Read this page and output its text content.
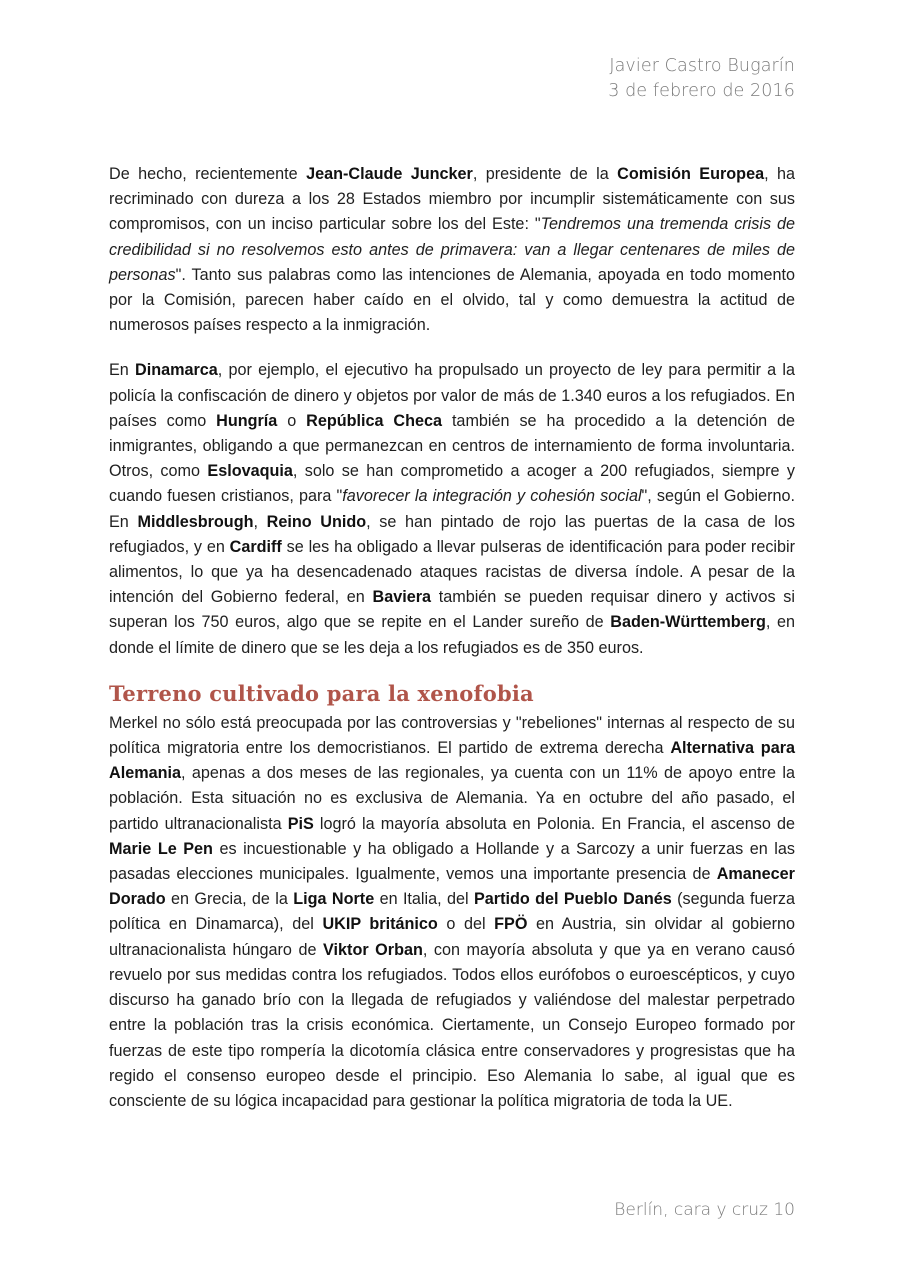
Javier Castro Bugarín
3 de febrero de 2016

De hecho, recientemente Jean-Claude Juncker, presidente de la Comisión Europea, ha recriminado con dureza a los 28 Estados miembro por incumplir sistemáticamente con sus compromisos, con un inciso particular sobre los del Este: "Tendremos una tremenda crisis de credibilidad si no resolvemos esto antes de primavera: van a llegar centenares de miles de personas". Tanto sus palabras como las intenciones de Alemania, apoyada en todo momento por la Comisión, parecen haber caído en el olvido, tal y como demuestra la actitud de numerosos países respecto a la inmigración.

En Dinamarca, por ejemplo, el ejecutivo ha propulsado un proyecto de ley para permitir a la policía la confiscación de dinero y objetos por valor de más de 1.340 euros a los refugiados. En países como Hungría o República Checa también se ha procedido a la detención de inmigrantes, obligando a que permanezcan en centros de internamiento de forma involuntaria. Otros, como Eslovaquia, solo se han comprometido a acoger a 200 refugiados, siempre y cuando fuesen cristianos, para "favorecer la integración y cohesión social", según el Gobierno. En Middlesbrough, Reino Unido, se han pintado de rojo las puertas de la casa de los refugiados, y en Cardiff se les ha obligado a llevar pulseras de identificación para poder recibir alimentos, lo que ya ha desencadenado ataques racistas de diversa índole. A pesar de la intención del Gobierno federal, en Baviera también se pueden requisar dinero y activos si superan los 750 euros, algo que se repite en el Lander sureño de Baden-Württemberg, en donde el límite de dinero que se les deja a los refugiados es de 350 euros.

Terreno cultivado para la xenofobia

Merkel no sólo está preocupada por las controversias y "rebeliones" internas al respecto de su política migratoria entre los democristianos. El partido de extrema derecha Alternativa para Alemania, apenas a dos meses de las regionales, ya cuenta con un 11% de apoyo entre la población. Esta situación no es exclusiva de Alemania. Ya en octubre del año pasado, el partido ultranacionalista PiS logró la mayoría absoluta en Polonia. En Francia, el ascenso de Marie Le Pen es incuestionable y ha obligado a Hollande y a Sarcozy a unir fuerzas en las pasadas elecciones municipales. Igualmente, vemos una importante presencia de Amanecer Dorado en Grecia, de la Liga Norte en Italia, del Partido del Pueblo Danés (segunda fuerza política en Dinamarca), del UKIP británico o del FPÖ en Austria, sin olvidar al gobierno ultranacionalista húngaro de Viktor Orban, con mayoría absoluta y que ya en verano causó revuelo por sus medidas contra los refugiados. Todos ellos eurófobos o euroescépticos, y cuyo discurso ha ganado brío con la llegada de refugiados y valiéndose del malestar perpetrado entre la población tras la crisis económica. Ciertamente, un Consejo Europeo formado por fuerzas de este tipo rompería la dicotomía clásica entre conservadores y progresistas que ha regido el consenso europeo desde el principio. Eso Alemania lo sabe, al igual que es consciente de su lógica incapacidad para gestionar la política migratoria de toda la UE.

Berlín, cara y cruz 10
